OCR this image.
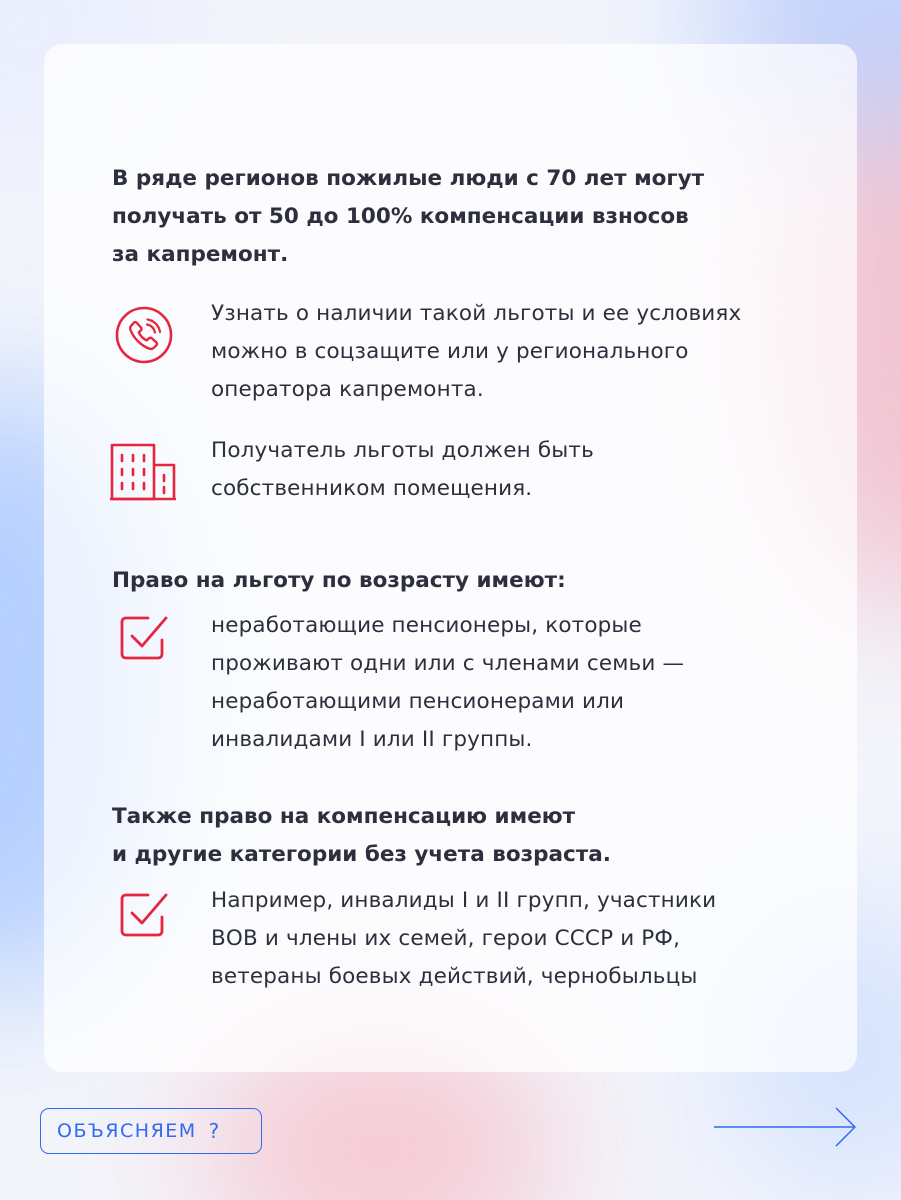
В ряде регионов пожилые люди с 70 лет могут
получать от 50 до 100% компенсации взносов
за капремонт.

Узнать о наличии такой льготы и ее условиях
можно в соцзащите или у регионального
оператора капремонта.

Получатель льготы должен быть
собственником помещения.

Право на льготу по возрасту имеют:

неработающие пенсионеры, которые
проживают одни или с членами семьи —
неработающими пенсионерами или
инвалидами I или II группы.

Также право на компенсацию имеют
и другие категории без учета возраста.

Например, инвалиды I и II групп, участники
ВОВ и члены их семей, герои СССР и РФ,
ветераны боевых действий, чернобыльцы

ОБЪЯСНЯЕМ ?
